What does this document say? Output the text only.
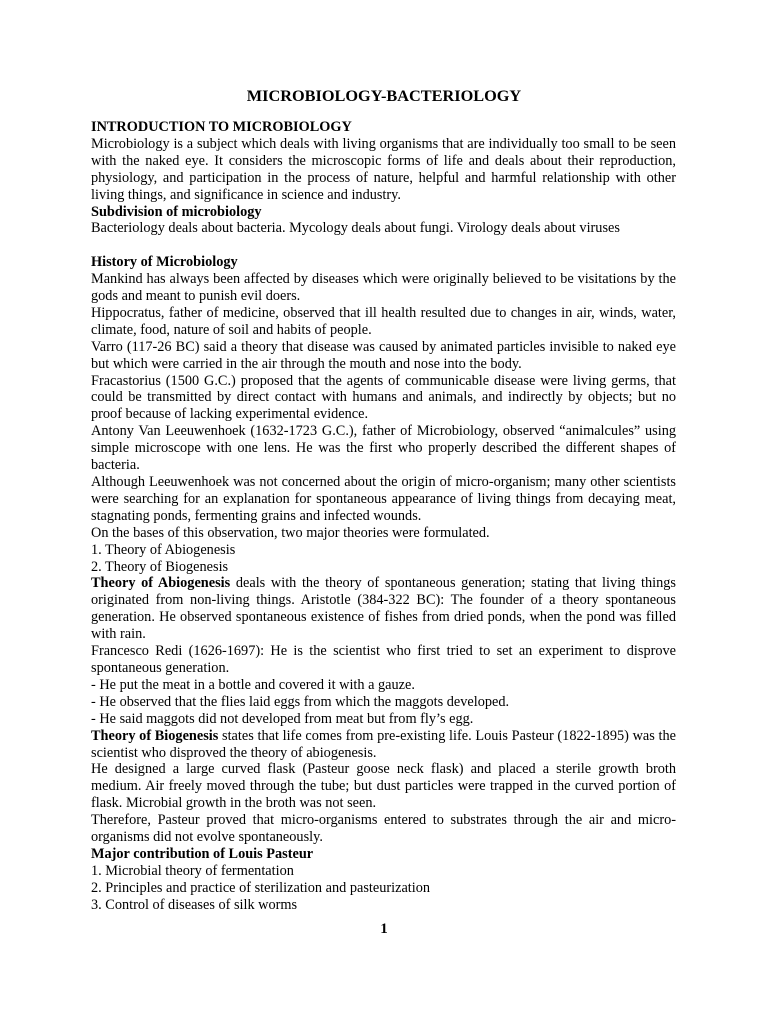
MICROBIOLOGY-BACTERIOLOGY

INTRODUCTION TO MICROBIOLOGY

Microbiology is a subject which deals with living organisms that are individually too small to be seen with the naked eye. It considers the microscopic forms of life and deals about their reproduction, physiology, and participation in the process of nature, helpful and harmful relationship with other living things, and significance in science and industry.

Subdivision of microbiology

Bacteriology deals about bacteria. Mycology deals about fungi. Virology deals about viruses

History of Microbiology

Mankind has always been affected by diseases which were originally believed to be visitations by the gods and meant to punish evil doers.

Hippocratus, father of medicine, observed that ill health resulted due to changes in air, winds, water, climate, food, nature of soil and habits of people.

Varro (117-26 BC) said a theory that disease was caused by animated particles invisible to naked eye but which were carried in the air through the mouth and nose into the body.

Fracastorius (1500 G.C.) proposed that the agents of communicable disease were living germs, that could be transmitted by direct contact with humans and animals, and indirectly by objects; but no proof because of lacking experimental evidence.

Antony Van Leeuwenhoek (1632-1723 G.C.), father of Microbiology, observed “animalcules” using simple microscope with one lens. He was the first who properly described the different shapes of bacteria.

Although Leeuwenhoek was not concerned about the origin of micro-organism; many other scientists were searching for an explanation for spontaneous appearance of living things from decaying meat, stagnating ponds, fermenting grains and infected wounds.

On the bases of this observation, two major theories were formulated.

1. Theory of Abiogenesis

2. Theory of Biogenesis

Theory of Abiogenesis deals with the theory of spontaneous generation; stating that living things originated from non-living things. Aristotle (384-322 BC): The founder of a theory spontaneous generation. He observed spontaneous existence of fishes from dried ponds, when the pond was filled with rain.

Francesco Redi (1626-1697): He is the scientist who first tried to set an experiment to disprove spontaneous generation.

- He put the meat in a bottle and covered it with a gauze.

- He observed that the flies laid eggs from which the maggots developed.

- He said maggots did not developed from meat but from fly’s egg.

Theory of Biogenesis states that life comes from pre-existing life. Louis Pasteur (1822-1895) was the scientist who disproved the theory of abiogenesis.

He designed a large curved flask (Pasteur goose neck flask) and placed a sterile growth broth medium. Air freely moved through the tube; but dust particles were trapped in the curved portion of flask. Microbial growth in the broth was not seen.

Therefore, Pasteur proved that micro-organisms entered to substrates through the air and micro-organisms did not evolve spontaneously.

Major contribution of Louis Pasteur

1. Microbial theory of fermentation

2. Principles and practice of sterilization and pasteurization

3. Control of diseases of silk worms

1
